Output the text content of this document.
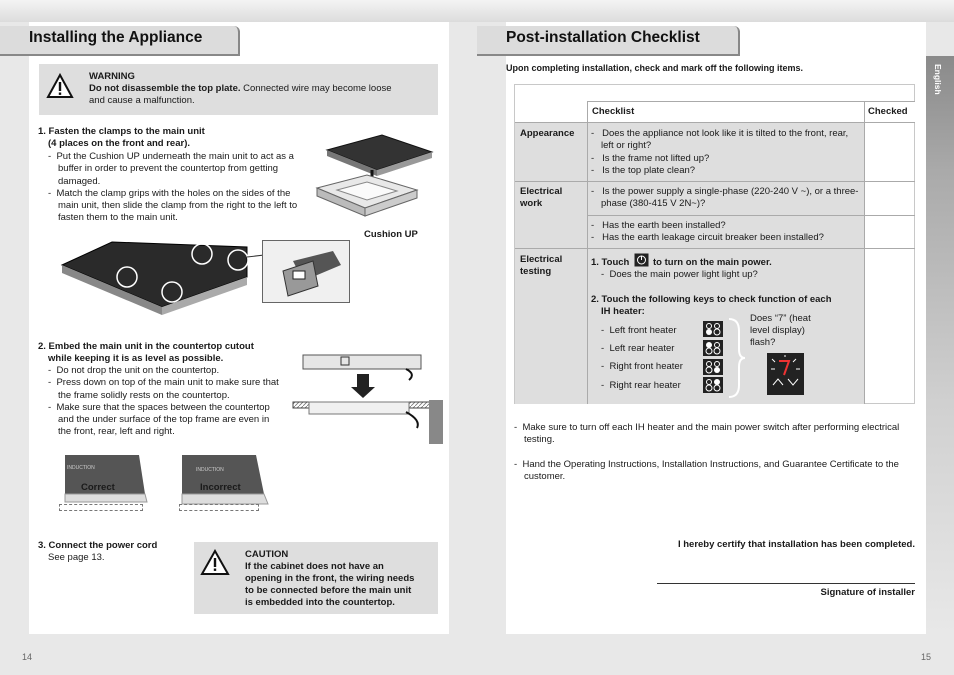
Installing the Appliance
WARNING
Do not disassemble the top plate. Connected wire may become loose
and cause a malfunction.
1. Fasten the clamps to the main unit
(4 places on the front and rear).
-  Put the Cushion UP underneath the main unit to act as a buffer in order to prevent the countertop from getting damaged.
-  Match the clamp grips with the holes on the sides of the main unit, then slide the clamp from the right to the left to fasten them to the main unit.
Cushion UP
2. Embed the main unit in the countertop cutout
while keeping it is as level as possible.
-  Do not drop the unit on the countertop.
-  Press down on top of the main unit to make sure that the frame solidly rests on the countertop.
-  Make sure that the spaces between the countertop and the under surface of the top frame are even in the front, rear, left and right.
INDUCTION
Correct
INDUCTION
Incorrect
3. Connect the power cord
See page 13.	CAUTION
If the cabinet does not have an
opening in the front, the wiring needs
to be connected before the main unit
is embedded into the countertop.
14
Post-installation Checklist
Upon completing installation, check and mark off the following items.
Checklist	Checked
Appearance -   Does the appliance not look like it is tilted to the front, rear, left or right?
-   Is the frame not lifted up?
-   Is the top plate clean?
Electrical
work
-   Is the power supply a single-phase (220-240 V ~), or a three-phase (380-415 V 2N~)?
-   Has the earth been installed?
-   Has the earth leakage circuit breaker been installed?
Electrical
testing
1. Touch to turn on the main power.
-  Does the main power light light up?
2. Touch the following keys to check function of each
IH heater:
-  Left front heater
-  Left rear heater
-  Right front heater
-  Right rear heater
Does “7” (heat
level display)
flash?
-  Make sure to turn off each IH heater and the main power switch after performing electrical testing.
-  Hand the Operating Instructions, Installation Instructions, and Guarantee Certificate to the customer.
I hereby certify that installation has been completed.
Signature of installer
English
15
